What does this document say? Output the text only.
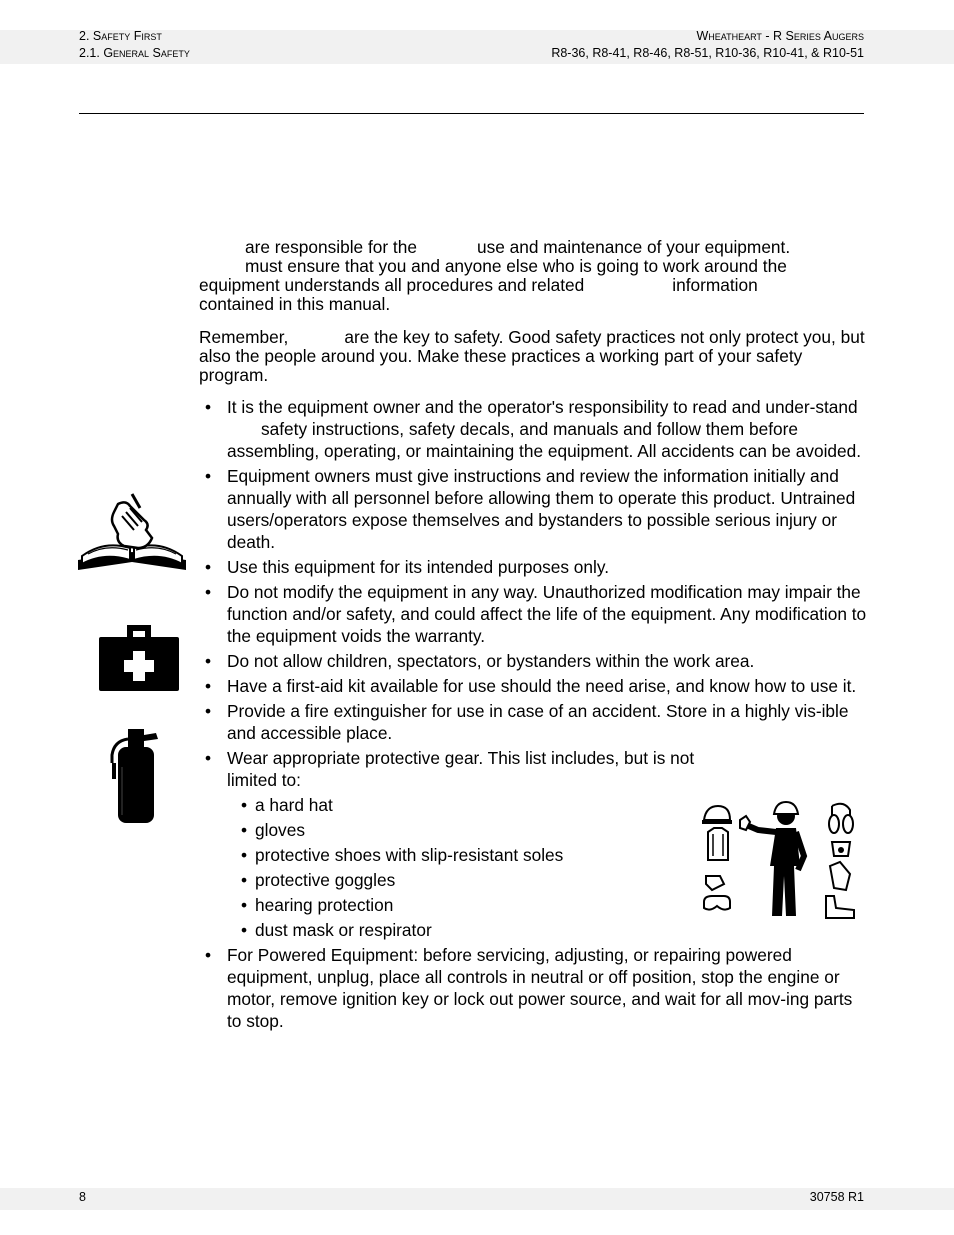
2. Safety First
2.1. General Safety
Wheatheart - R Series Augers
R8-36, R8-41, R8-46, R8-51, R10-36, R10-41, & R10-51
are responsible for the	use and maintenance of your equipment.
must ensure that you and anyone else who is going to work around the
equipment understands all procedures and related	information
contained in this manual.
Remember,	are the key to safety. Good safety practices not only protect you, but also the people around you. Make these practices a working part of your safety program.
• It is the equipment owner and the operator's responsibility to read and under-standsafety instructions, safety decals, and manuals and follow them before assembling, operating, or maintaining the equipment. All accidents can be avoided.
• Equipment owners must give instructions and review the information initially and annually with all personnel before allowing them to operate this product. Untrained users/operators expose themselves and bystanders to possible serious injury or death.
• Use this equipment for its intended purposes only.
• Do not modify the equipment in any way. Unauthorized modification may impair the function and/or safety, and could affect the life of the equipment. Any modification to the equipment voids the warranty.
• Do not allow children, spectators, or bystanders within the work area.
• Have a first-aid kit available for use should the need arise, and know how to use it.
• Provide a fire extinguisher for use in case of an accident. Store in a highly vis-ible and accessible place.
• Wear appropriate protective gear. This list includes, but is not limited to:
• a hard hat
• gloves
• protective shoes with slip-resistant soles
• protective goggles
• hearing protection
• dust mask or respirator
• For Powered Equipment: before servicing, adjusting, or repairing powered equipment, unplug, place all controls in neutral or off position, stop the engine or motor, remove ignition key or lock out power source, and wait for all mov-ing parts to stop.
8	30758 R1
